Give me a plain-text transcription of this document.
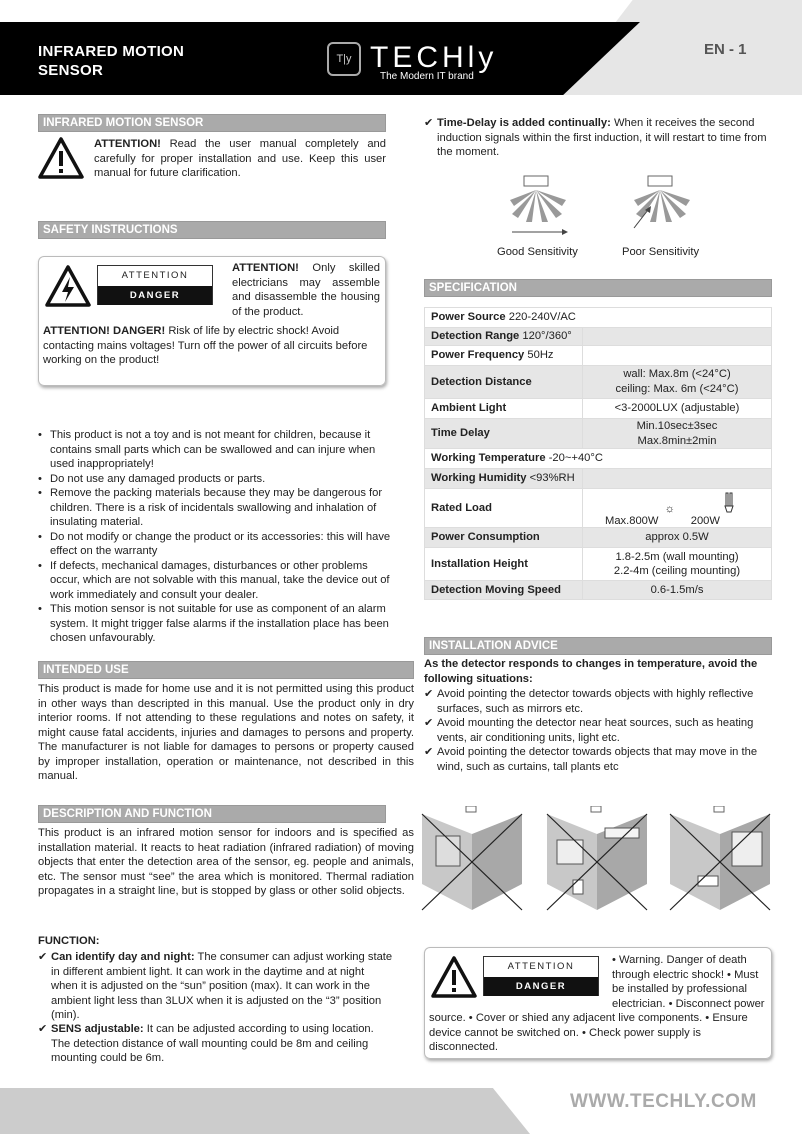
INFRARED MOTION
SENSOR
T|y TECHly
The Modern IT brand
EN - 1
INFRARED MOTION SENSOR
ATTENTION! Read the user manual completely and carefully for proper installation and use. Keep this user manual for future clarification.
SAFETY INSTRUCTIONS
ATTENTION
DANGER
ATTENTION! Only skilled electricians may assemble and disassemble the housing of the product.
ATTENTION! DANGER! Risk of life by electric shock! Avoid contacting mains voltages! Turn off the power of all circuits before working on the product!
• This product is not a toy and is not meant for children, because it contains small parts which can be swallowed and can injure when used inappropriately!
• Do not use any damaged products or parts.
• Remove the packing materials because they may be dangerous for children. There is a risk of incidentals swallowing and inhalation of insulating material.
• Do not modify or change the product or its accessories: this will have effect on the warranty
• If defects, mechanical damages, disturbances or other problems occur, which are not solvable with this manual, take the device out of work immediately and consult your dealer.
• This motion sensor is not suitable for use as component of an alarm system. It might trigger false alarms if the installation place has been chosen unfavourably.
INTENDED USE
This product is made for home use and it is not permitted using this product in other ways than descripted in this manual. Use the product only in dry interior rooms. If not attending to these regulations and notes on safety, it might cause fatal accidents, injuries and damages to persons and property. The manufacturer is not liable for damages to persons or property caused by improper installation, operation or maintenance, not described in this manual.
DESCRIPTION AND FUNCTION
This product is an infrared motion sensor for indoors and is specified as installation material. It reacts to heat radiation (infrared radiation) of moving objects that enter the detection area of the sensor, eg. people and animals, etc. The sensor must “see” the area which is monitored. Thermal radiation propagates in a straight line, but is stopped by glass or other solid objects.
FUNCTION:
✔ Can identify day and night: The consumer can adjust working state in different ambient light. It can work in the daytime and at night when it is adjusted on the “sun” position (max). It can work in the ambient light less than 3LUX when it is adjusted on the “3” position (min).
✔ SENS adjustable: It can be adjusted according to using location. The detection distance of wall mounting could be 8m and ceiling mounting could be 6m.
✔ Time-Delay is added continually: When it receives the second induction signals within the first induction, it will restart to time from the moment.
Good Sensitivity	Poor Sensitivity
SPECIFICATION
Power Source 220-240V/AC	
Detection Range 120°/360°	
Power Frequency 50Hz	
Detection Distance	wall: Max.8m (<24°C)
ceiling: Max. 6m (<24°C)

Ambient Light	<3-2000LUX (adjustable)
Time Delay	Min.10sec±3sec
Max.8min±2min

Working Temperature -20~+40°C	
Working Humidity <93%RH	
Rated Load	Max.800W☼200W
Power Consumption	approx 0.5W
Installation Height	1.8-2.5m (wall mounting)
2.2-4m (ceiling mounting)

Detection Moving Speed	0.6-1.5m/s
INSTALLATION ADVICE
As the detector responds to changes in temperature, avoid the following situations:
✔ Avoid pointing the detector towards objects with highly reflective surfaces, such as mirrors etc.
✔ Avoid mounting the detector near heat sources, such as heating vents, air conditioning units, light etc.
✔ Avoid pointing the detector towards objects that may move in the wind, such as curtains, tall plants etc
ATTENTION
DANGER
• Warning. Danger of death through electric shock! • Must be installed by professional electrician. • Disconnect power source. • Cover or shied any adjacent live components. • Ensure device cannot be switched on. • Check power supply is disconnected.
WWW.TECHLY.COM
